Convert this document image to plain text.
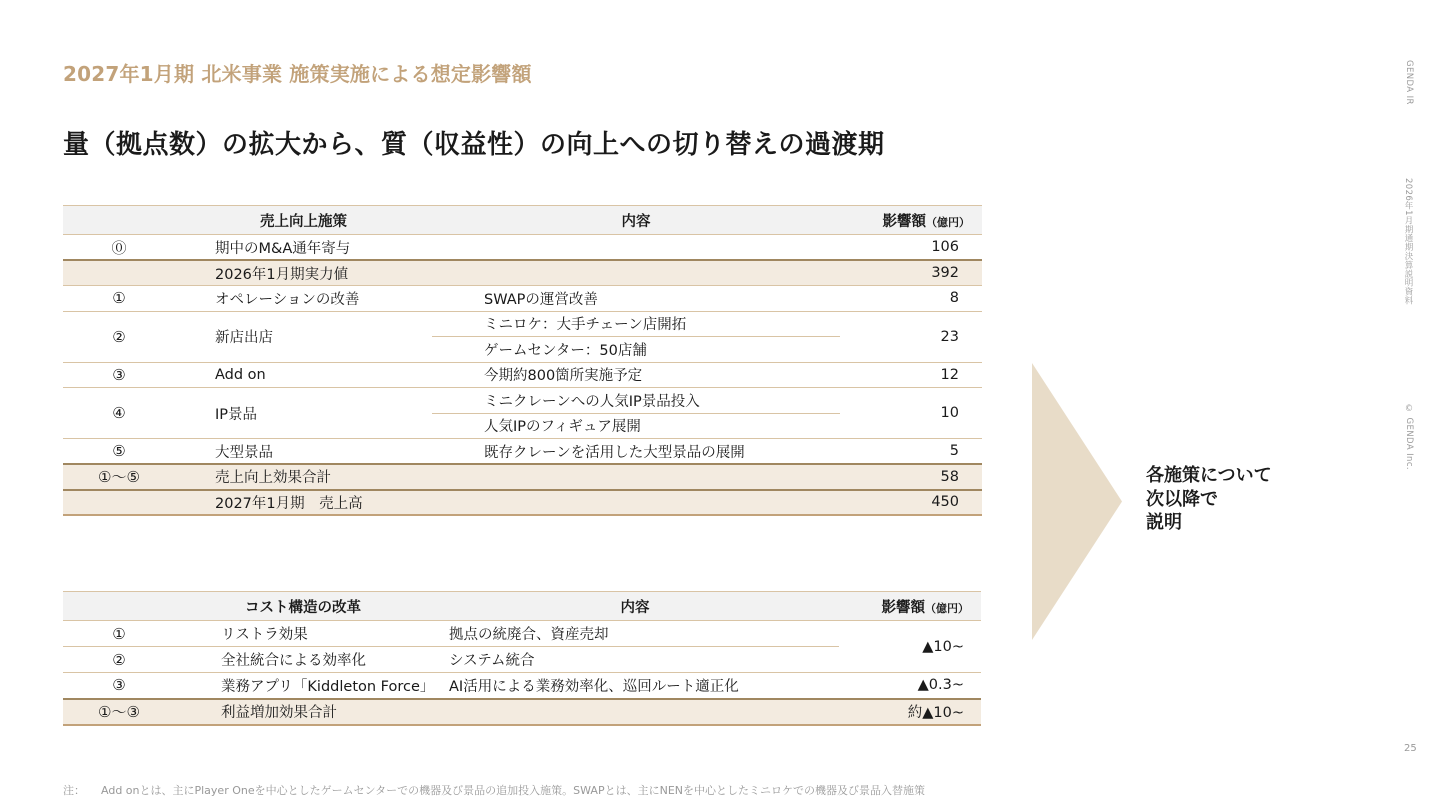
2027年1月期 北米事業 施策実施による想定影響額
量（拠点数）の拡大から、質（収益性）の向上への切り替えの過渡期
GENDA IR
2026年1月期通期決算説明資料
© GENDA Inc.
	売上向上施策	内容	影響額（億円）
⓪	期中のM&A通年寄与		106
	2026年1月期実力値		392
①	オペレーションの改善	SWAPの運営改善	8
②	新店出店	ミニロケ：大手チェーン店開拓	23
		ゲームセンター：50店舗	
③	Add on	今期約800箇所実施予定	12
④	IP景品	ミニクレーンへの人気IP景品投入	10
		人気IPのフィギュア展開	
⑤	大型景品	既存クレーンを活用した大型景品の展開	5
①～⑤	売上向上効果合計		58
	2027年1月期　売上高		450
	コスト構造の改革	内容	影響額（億円）
①	リストラ効果	拠点の統廃合、資産売却	▲10~
②	全社統合による効率化	システム統合	
③	業務アプリ「Kiddleton Force」	AI活用による業務効率化、巡回ルート適正化	▲0.3~
①～③	利益増加効果合計		約▲10~
各施策について
次以降で
説明
25
注： Add onとは、主にPlayer Oneを中心としたゲームセンターでの機器及び景品の追加投入施策。SWAPとは、主にNENを中心としたミニロケでの機器及び景品入替施策
